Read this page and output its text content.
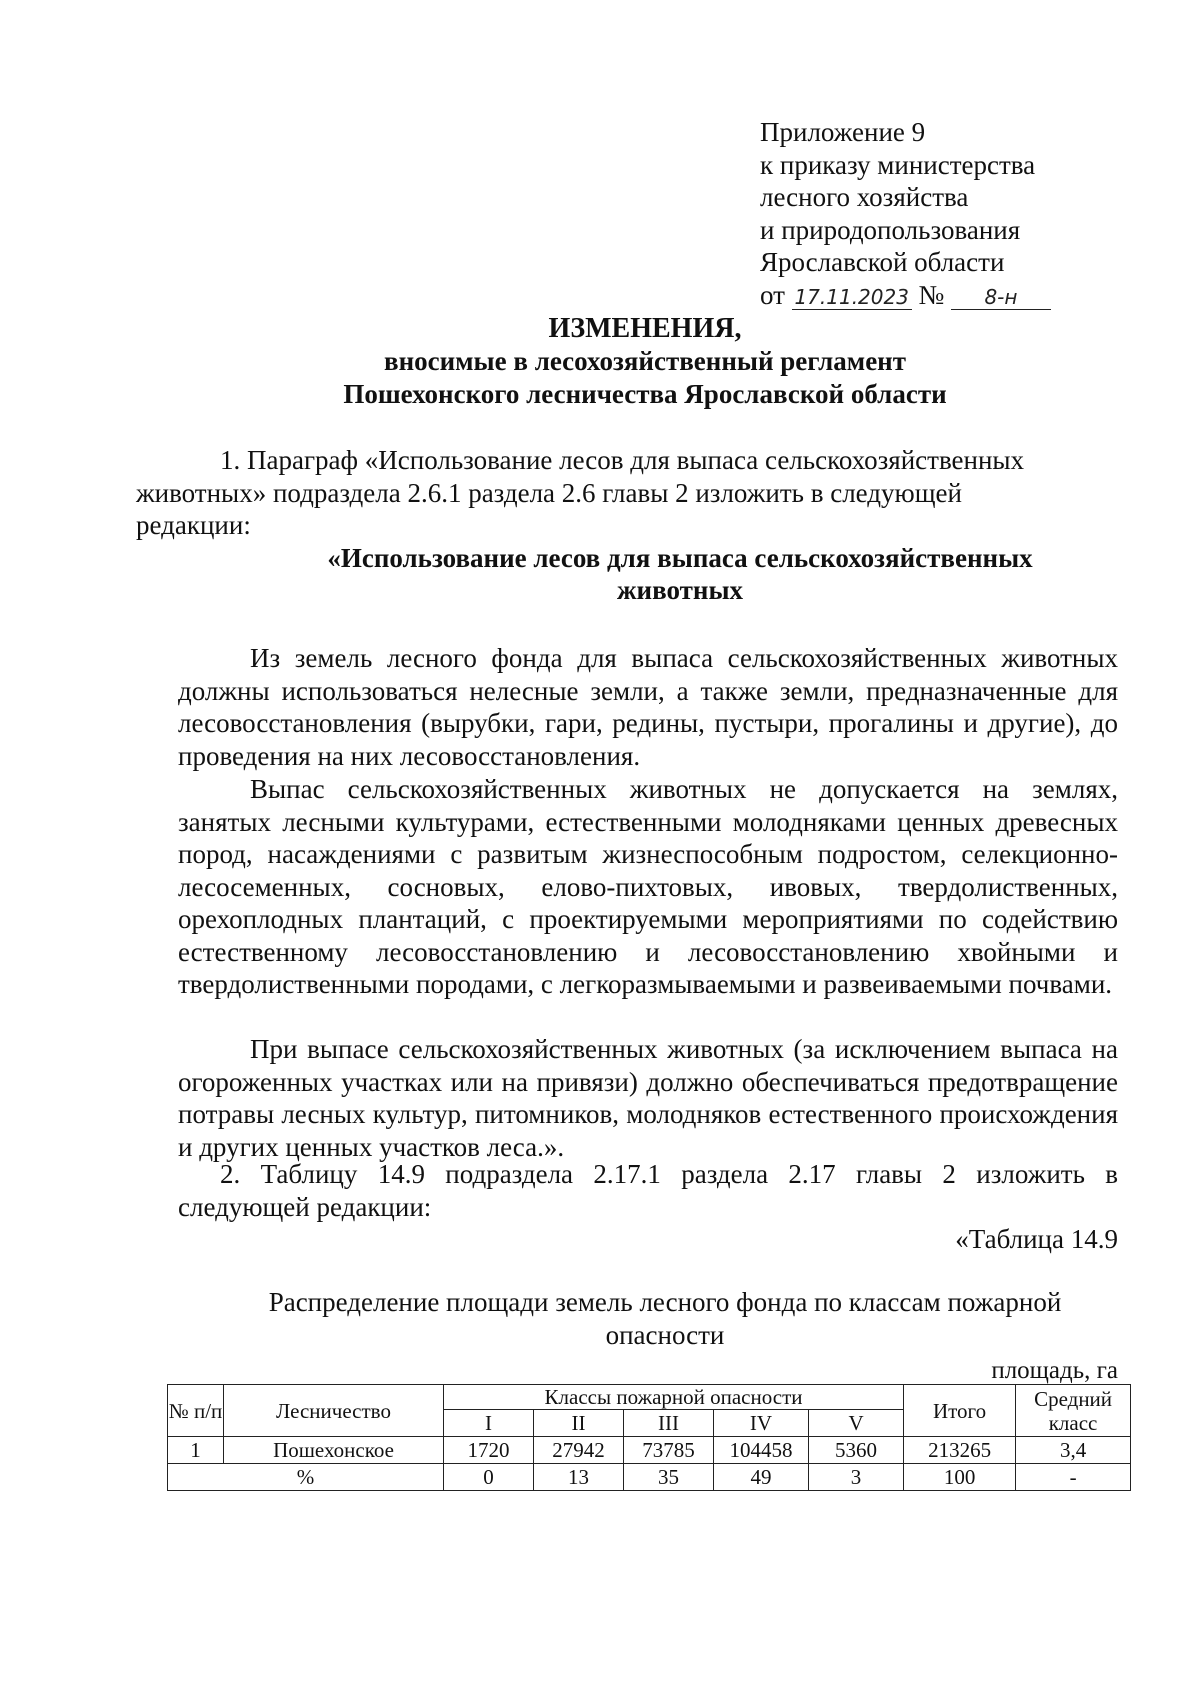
Приложение 9
к приказу министерства
лесного хозяйства
и природопользования
Ярославской области
от 17.11.2023 № 8-н
ИЗМЕНЕНИЯ,
вносимые в лесохозяйственный регламент
Пошехонского лесничества Ярославской области
1. Параграф «Использование лесов для выпаса сельскохозяйственных
животных» подраздела 2.6.1 раздела 2.6 главы 2 изложить в следующей
редакции:
«Использование лесов для выпаса сельскохозяйственных
животных
Из земель лесного фонда для выпаса сельскохозяйственных животных должны использоваться нелесные земли, а также земли, предназначенные для лесовосстановления (вырубки, гари, редины, пустыри, прогалины и другие), до проведения на них лесовосстановления.
Выпас сельскохозяйственных животных не допускается на землях, занятых лесными культурами, естественными молодняками ценных древесных пород, насаждениями с развитым жизнеспособным подростом, селекционно-лесосеменных, сосновых, елово-пихтовых, ивовых, твердолиственных, орехоплодных плантаций, с проектируемыми мероприятиями по содействию естественному лесовосстановлению и лесовосстановлению хвойными и твердолиственными породами, с легкоразмываемыми и развеиваемыми почвами.
При выпасе сельскохозяйственных животных (за исключением выпаса на огороженных участках или на привязи) должно обеспечиваться предотвращение потравы лесных культур, питомников, молодняков естественного происхождения и других ценных участков леса.».
2. Таблицу 14.9 подраздела 2.17.1 раздела 2.17 главы 2 изложить в следующей редакции:
«Таблица 14.9
Распределение площади земель лесного фонда по классам пожарной опасности
площадь, га
№ п/п	Лесничество	Классы пожарной опасности					Итого	Средний класс
		I	II	III	IV	V		
1	Пошехонское	1720	27942	73785	104458	5360	213265	3,4
%		0	13	35	49	3	100	-
